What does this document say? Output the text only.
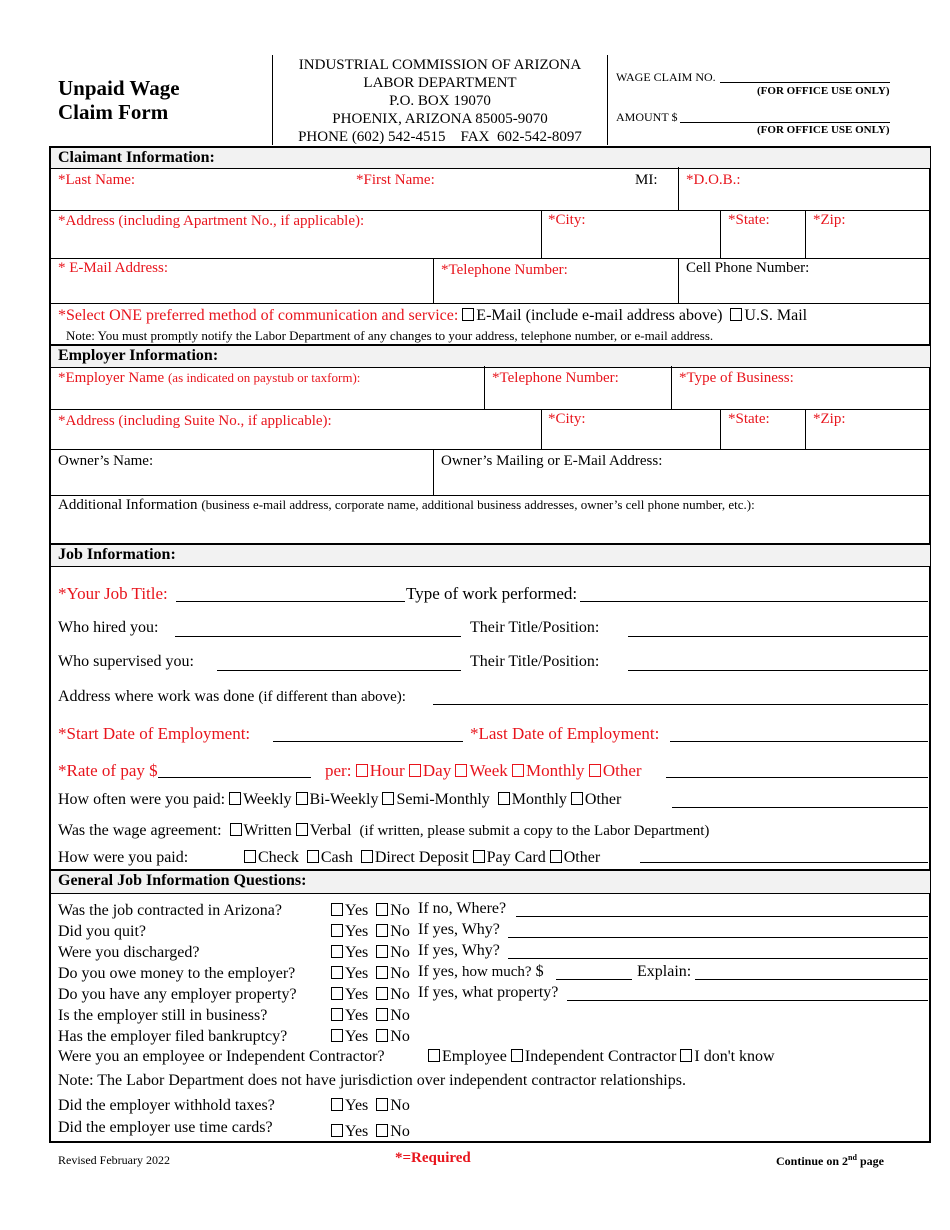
Unpaid Wage
Claim Form
INDUSTRIAL COMMISSION OF ARIZONA
LABOR DEPARTMENT
P.O. BOX 19070
PHOENIX, ARIZONA 85005-9070
PHONE (602) 542-4515    FAX  602-542-8097
WAGE CLAIM NO.
(FOR OFFICE USE ONLY)
AMOUNT $
(FOR OFFICE USE ONLY)
Claimant Information:
*Last Name:	*First Name:	MI: *D.O.B.:
*Address (including Apartment No., if applicable):	*City:	*State:	*Zip:
* E-Mail Address:	*Telephone Number:	Cell Phone Number:
*Select ONE preferred method of communication and service: E-Mail (include e-mail address above) U.S. Mail
Note: You must promptly notify the Labor Department of any changes to your address, telephone number, or e-mail address.
Employer Information:
*Employer Name (as indicated on paystub or taxform):	*Telephone Number:	*Type of Business:
*Address (including Suite No., if applicable):	*City:	*State:	*Zip:
Owner’s Name:	Owner’s Mailing or E-Mail Address:
Additional Information (business e-mail address, corporate name, additional business addresses, owner’s cell phone number, etc.):
Job Information:
*Your Job Title:	Type of work performed:
Who hired you:	Their Title/Position:
Who supervised you:	Their Title/Position:
Address where work was done (if different than above):
*Start Date of Employment:	*Last Date of Employment:
*Rate of pay $	per: Hour Day Week Monthly Other
How often were you paid: Weekly Bi-Weekly Semi-Monthly Monthly Other
Was the wage agreement: Written Verbal (if written, please submit a copy to the Labor Department)
How were you paid:	Check Cash Direct Deposit Pay Card Other
General Job Information Questions:
Was the job contracted in Arizona?	Yes No If no, Where?
Did you quit?	Yes No If yes, Why?
Were you discharged?	Yes No If yes, Why?
Do you owe money to the employer?	Yes No If yes, how much? $	Explain:
Do you have any employer property?	Yes No If yes, what property?
Is the employer still in business?	Yes No
Has the employer filed bankruptcy?	Yes No
Were you an employee or Independent Contractor?	Employee Independent Contractor I don't know
Note: The Labor Department does not have jurisdiction over independent contractor relationships.
Did the employer withhold taxes?	Yes No
Did the employer use time cards?	Yes No
Revised February 2022	*=Required	Continue on 2nd page
